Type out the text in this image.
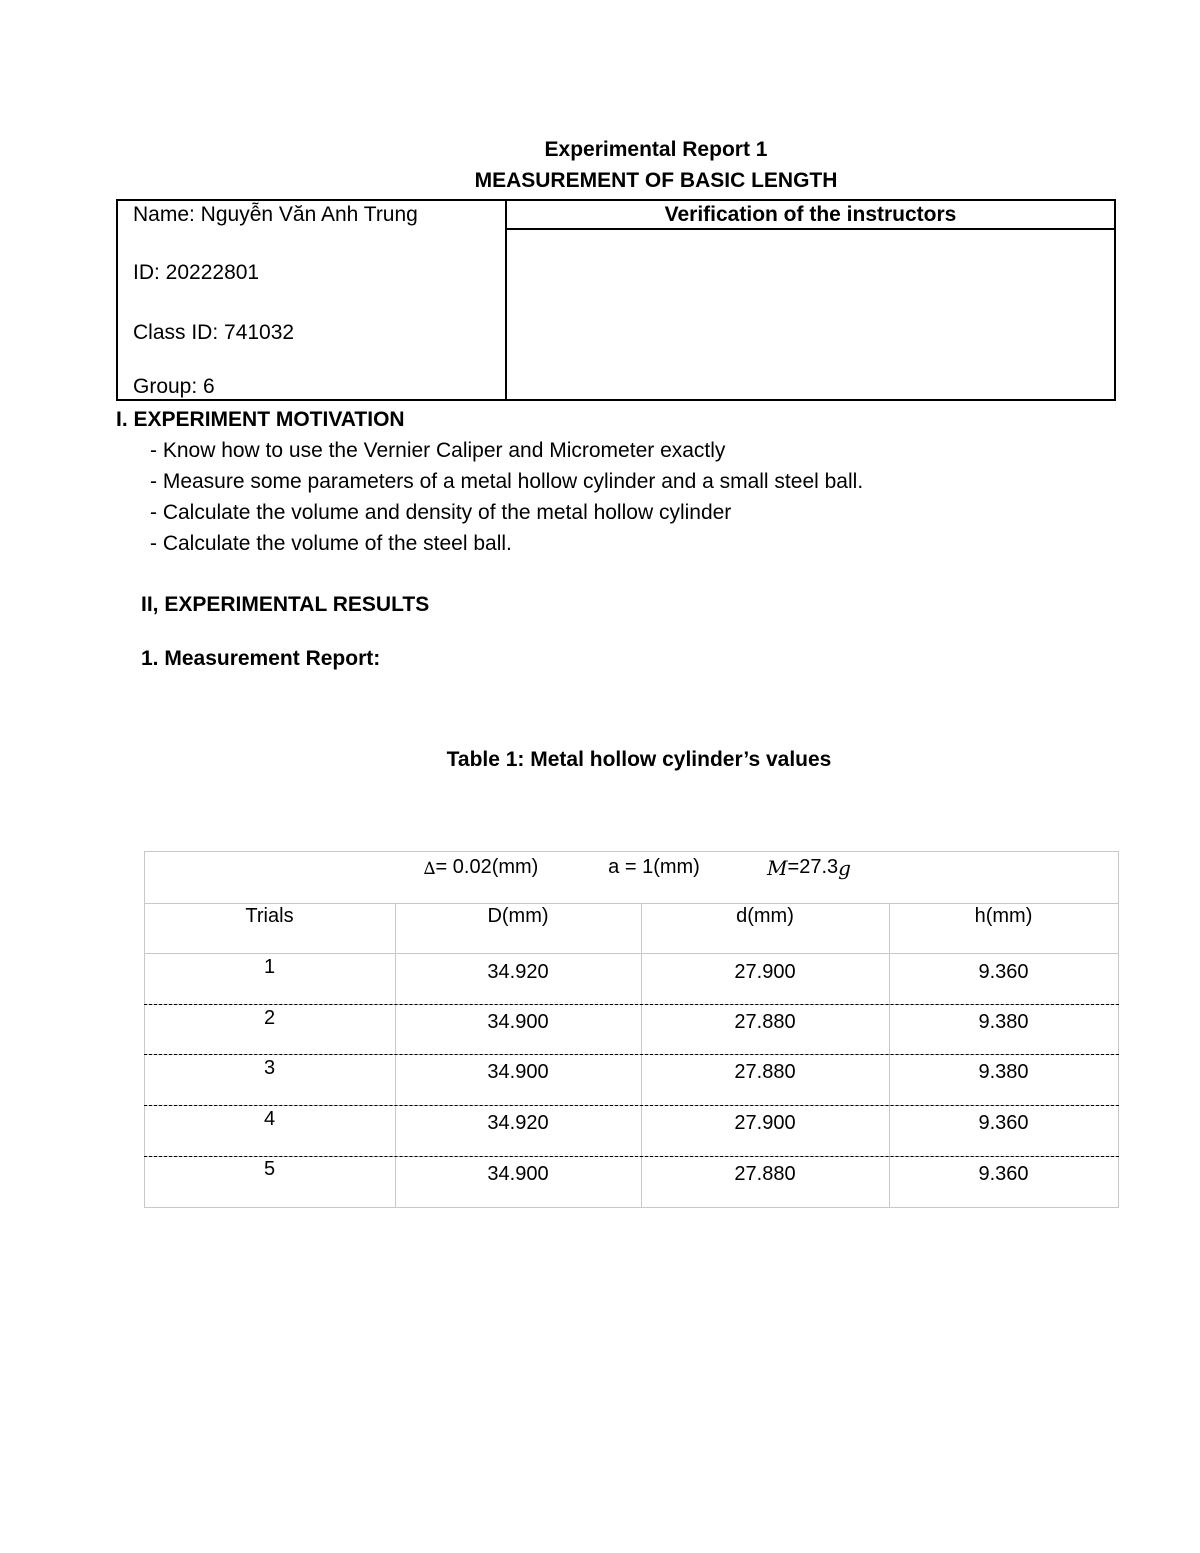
Experimental Report 1
MEASUREMENT OF BASIC LENGTH
Name: Nguyễn Văn Anh Trung
ID: 20222801
Class ID: 741032
Group: 6
Verification of the instructors
I. EXPERIMENT MOTIVATION
- Know how to use the Vernier Caliper and Micrometer exactly
- Measure some parameters of a metal hollow cylinder and a small steel ball.
- Calculate the volume and density of the metal hollow cylinder
- Calculate the volume of the steel ball.
II, EXPERIMENTAL RESULTS
1. Measurement Report:
Table 1: Metal hollow cylinder’s values
∆ = 0.02(mm)	a = 1(mm)	M =27.3 g
Trials	D(mm)	d(mm)	h(mm)
1	34.920	27.900	9.360
2	34.900	27.880	9.380
3	34.900	27.880	9.380
4	34.920	27.900	9.360
5	34.900	27.880	9.360
